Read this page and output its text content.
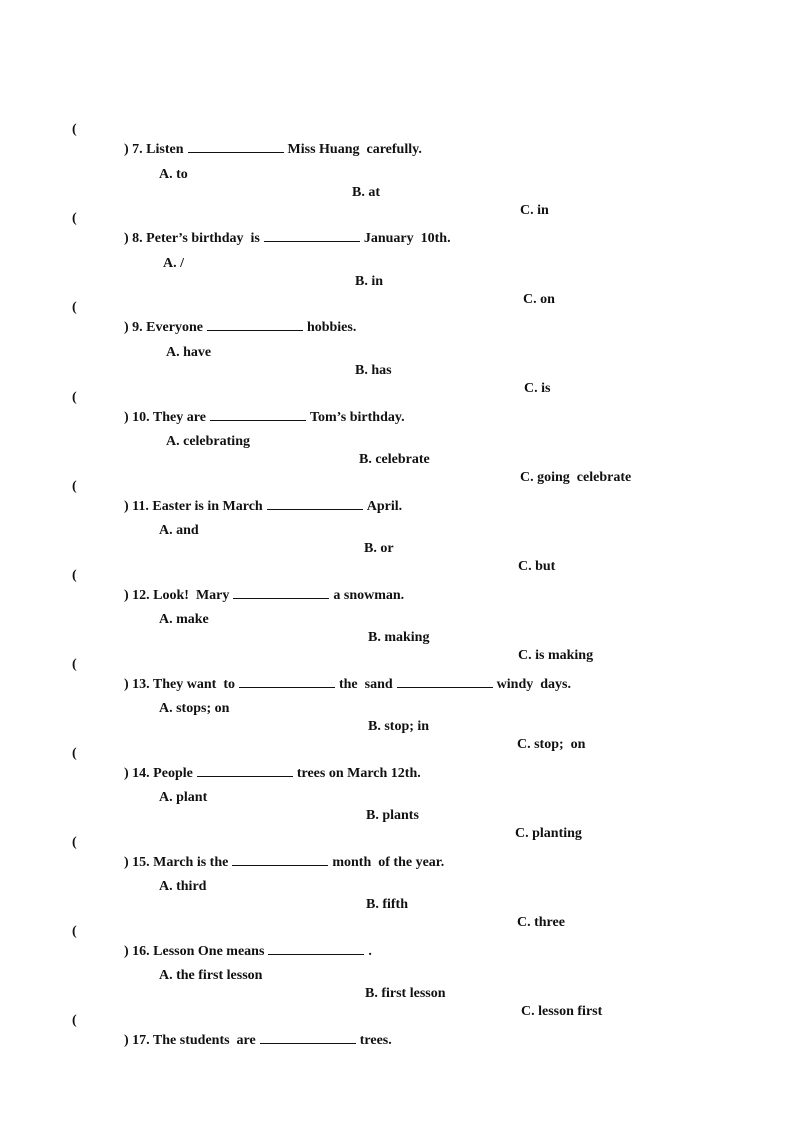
(

) 7. Listen	Miss Huang  carefully.

A. to

B. at

C. in

(

) 8. Peter’s birthday  is	January  10th.

A. /

B. in

C. on

(

) 9. Everyone	hobbies.

A. have

B. has

C. is

(

) 10. They are	Tom’s birthday.

A. celebrating

B. celebrate

C. going  celebrate

(

) 11. Easter is in March	April.

A. and

B. or

C. but

(

) 12. Look!  Mary	a snowman.

A. make

B. making

C. is making

(

) 13. They want  to	the  sand	windy  days.

A. stops; on

B. stop; in

C. stop;  on

(

) 14. People	trees on March 12th.

A. plant

B. plants

C. planting

(

) 15. March is the	month  of the year.

A. third

B. fifth

C. three

(

) 16. Lesson One means	.

A. the first lesson

B. first lesson

C. lesson first

(

) 17. The students  are	trees.
